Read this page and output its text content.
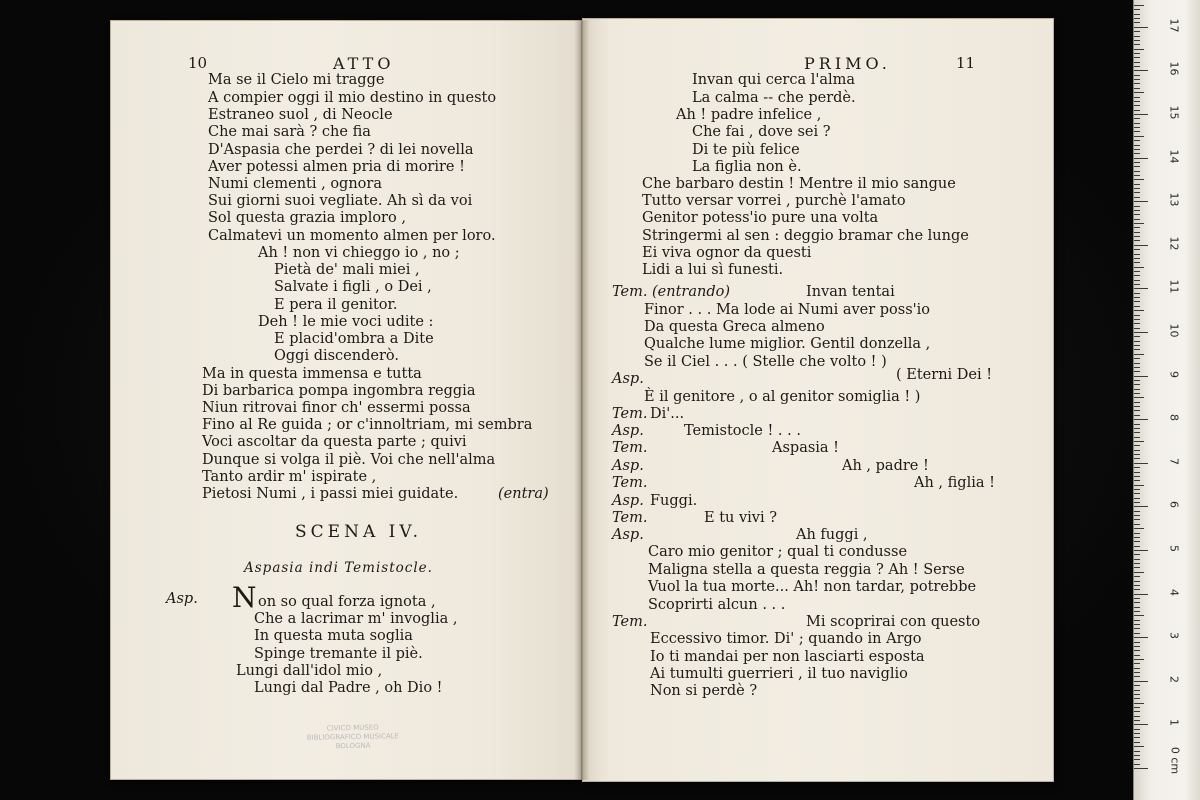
10	ATTO
Ma se il Cielo mi tragge
A compier oggi il mio destino in questo
Estraneo suol , di Neocle
Che mai sarà ? che fia
D'Aspasia che perdei ? di lei novella
Aver potessi almen pria di morire !
Numi clementi , ognora
Sui giorni suoi vegliate. Ah sì da voi
Sol questa grazia imploro ,
Calmatevi un momento almen per loro.
Ah ! non vi chieggo io , no ;
Pietà de' mali miei ,
Salvate i figli , o Dei ,
E pera il genitor.
Deh ! le mie voci udite :
E placid'ombra a Dite
Oggi discenderò.
Ma in questa immensa e tutta
Di barbarica pompa ingombra reggia
Niun ritrovai finor ch' essermi possa
Fino al Re guida ; or c'innoltriam, mi sembra
Voci ascoltar da questa parte ; quivi
Dunque si volga il piè. Voi che nell'alma
Tanto ardir m' ispirate ,
Pietosi Numi , i passi miei guidate.	(entra)
SCENA IV.
Aspasia indi Temistocle.
Asp. N on so qual forza ignota ,
Che a lacrimar m' invoglia ,
In questa muta soglia
Spinge tremante il piè.
Lungi dall'idol mio ,
Lungi dal Padre , oh Dio !
CIVICO MUSEO
BIBLIOGRAFICO MUSICALE
BOLOGNA
PRIMO.	11
Invan qui cerca l'alma
La calma -- che perdè.
Ah ! padre infelice ,
Che fai , dove sei ?
Di te più felice
La figlia non è.
Che barbaro destin ! Mentre il mio sangue
Tutto versar vorrei , purchè l'amato
Genitor potess'io pure una volta
Stringermi al sen : deggio bramar che lunge
Ei viva ognor da questi
Lidi a lui sì funesti.
Tem. (entrando)	Invan tentai
Finor . . . Ma lode ai Numi aver poss'io
Da questa Greca almeno
Qualche lume miglior. Gentil donzella ,
Se il Ciel . . . ( Stelle che volto ! )
Asp.	( Eterni Dei !
È il genitore , o al genitor somiglia ! )
Tem. Di'...
Asp.	Temistocle ! . . .
Tem.	Aspasia !
Asp.	Ah , padre !
Tem.	Ah , figlia !
Asp. Fuggi.
Tem.	E tu vivi ?
Asp.	Ah fuggi ,
Caro mio genitor ; qual ti condusse
Maligna stella a questa reggia ? Ah ! Serse
Vuol la tua morte... Ah! non tardar, potrebbe
Scoprirti alcun . . .
Tem.	Mi scoprirai con questo
Eccessivo timor. Di' ; quando in Argo
Io ti mandai per non lasciarti esposta
Ai tumulti guerrieri , il tuo naviglio
Non si perdè ?
0 cm
1
2
3
4
5
6
7
8
9
10
11
12
13
14
15
16
17
